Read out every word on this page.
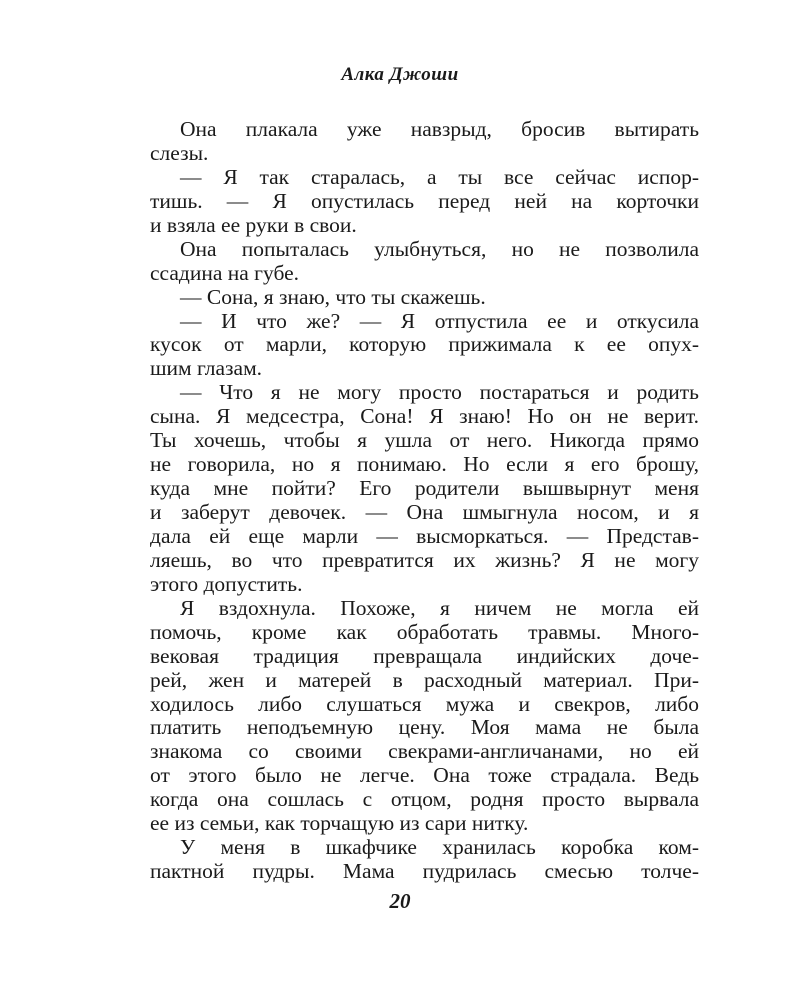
Алка Джоши
Она плакала уже навзрыд, бросив вытирать
слезы.
— Я так старалась, а ты все сейчас испор-
тишь. — Я опустилась перед ней на корточки
и взяла ее руки в свои.
Она попыталась улыбнуться, но не позволила
ссадина на губе.
— Сона, я знаю, что ты скажешь.
— И что же? — Я отпустила ее и откусила
кусок от марли, которую прижимала к ее опух-
шим глазам.
— Что я не могу просто постараться и родить
сына. Я медсестра, Сона! Я знаю! Но он не верит.
Ты хочешь, чтобы я ушла от него. Никогда прямо
не говорила, но я понимаю. Но если я его брошу,
куда мне пойти? Его родители вышвырнут меня
и заберут девочек. — Она шмыгнула носом, и я
дала ей еще марли — высморкаться. — Представ-
ляешь, во что превратится их жизнь? Я не могу
этого допустить.
Я вздохнула. Похоже, я ничем не могла ей
помочь, кроме как обработать травмы. Много-
вековая традиция превращала индийских доче-
рей, жен и матерей в расходный материал. При-
ходилось либо слушаться мужа и свекров, либо
платить неподъемную цену. Моя мама не была
знакома со своими свекрами-англичанами, но ей
от этого было не легче. Она тоже страдала. Ведь
когда она сошлась с отцом, родня просто вырвала
ее из семьи, как торчащую из сари нитку.
У меня в шкафчике хранилась коробка ком-
пактной пудры. Мама пудрилась смесью толче-
20
